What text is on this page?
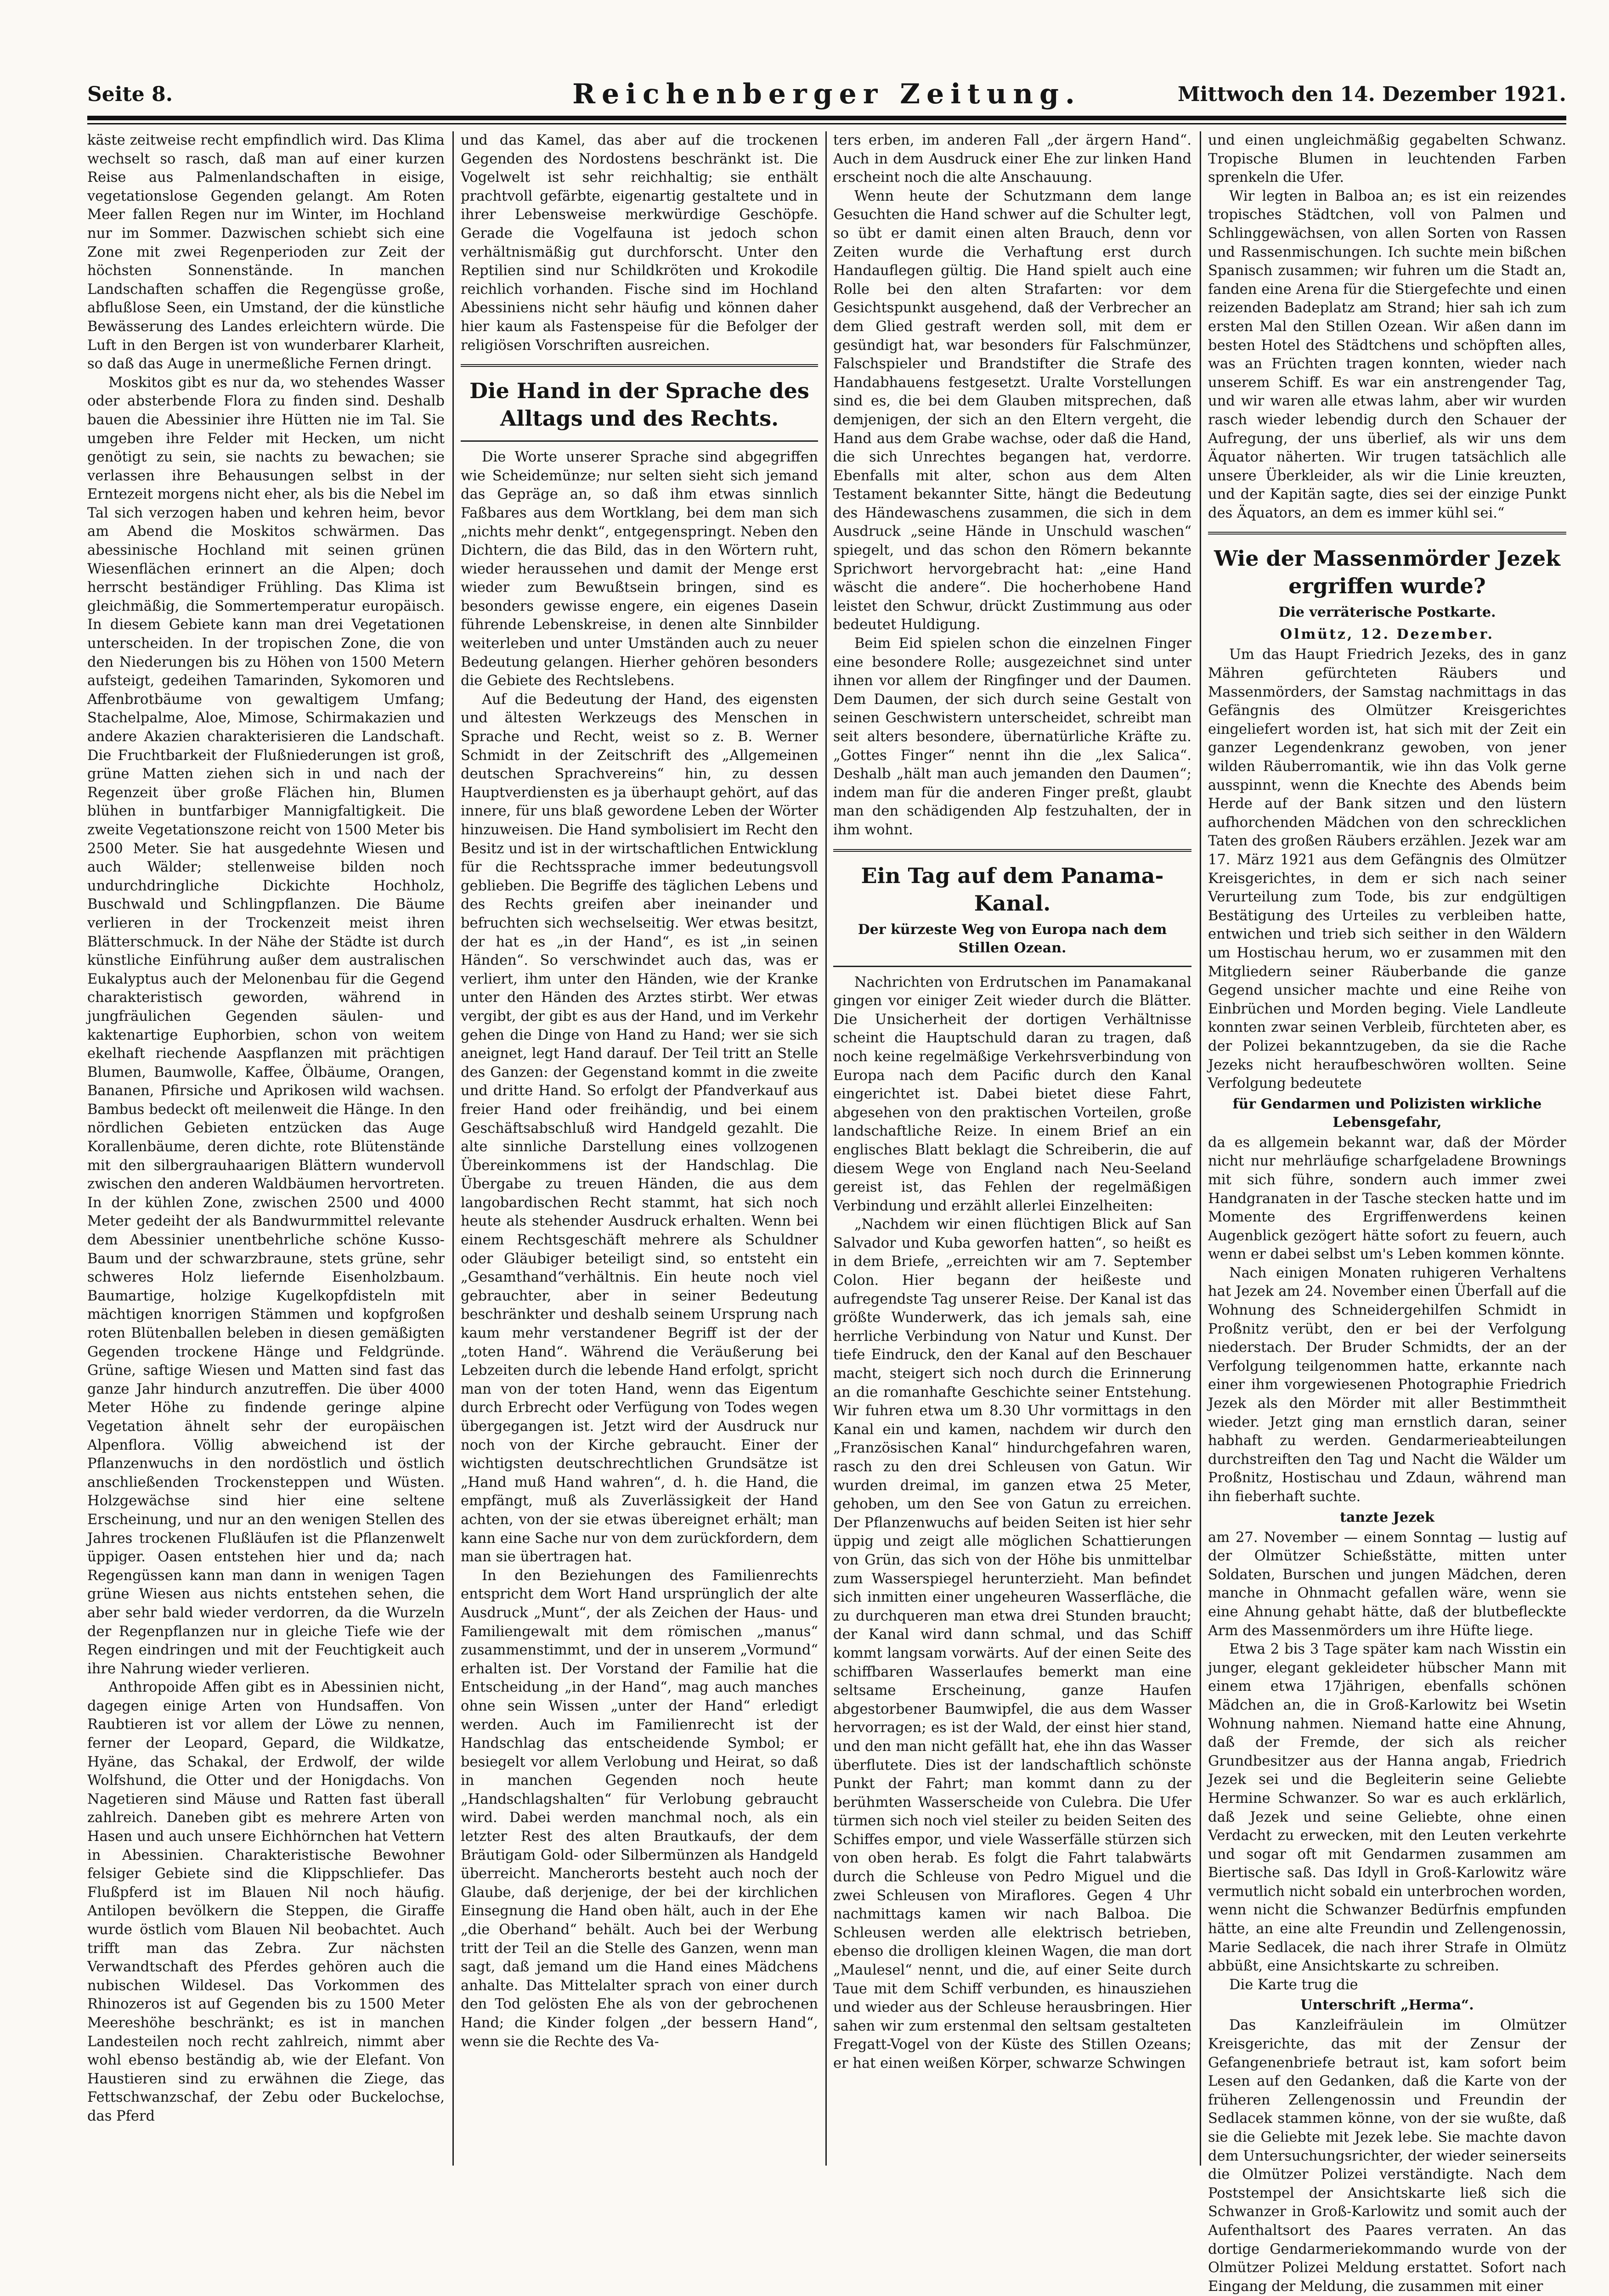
Seite 8.	Reichenberger Zeitung.	Mittwoch den 14. Dezember 1921.

käste zeitweise recht empfindlich wird. Das Klima wechselt so rasch, daß man auf einer kurzen Reise aus Palmenlandschaften in eisige, vegetationslose Gegenden gelangt. Am Roten Meer fallen Regen nur im Winter, im Hochland nur im Sommer. Dazwischen schiebt sich eine Zone mit zwei Regenperioden zur Zeit der höchsten Sonnenstände. In manchen Landschaften schaffen die Regengüsse große, abflußlose Seen, ein Umstand, der die künstliche Bewässerung des Landes erleichtern würde. Die Luft in den Bergen ist von wunderbarer Klarheit, so daß das Auge in unermeßliche Fernen dringt.

Moskitos gibt es nur da, wo stehendes Wasser oder absterbende Flora zu finden sind. Deshalb bauen die Abessinier ihre Hütten nie im Tal. Sie umgeben ihre Felder mit Hecken, um nicht genötigt zu sein, sie nachts zu bewachen; sie verlassen ihre Behausungen selbst in der Erntezeit morgens nicht eher, als bis die Nebel im Tal sich verzogen haben und kehren heim, bevor am Abend die Moskitos schwärmen. Das abessinische Hochland mit seinen grünen Wiesenflächen erinnert an die Alpen; doch herrscht beständiger Frühling. Das Klima ist gleichmäßig, die Sommertemperatur europäisch. In diesem Gebiete kann man drei Vegetationen unterscheiden. In der tropischen Zone, die von den Niederungen bis zu Höhen von 1500 Metern aufsteigt, gedeihen Tamarinden, Sykomoren und Affenbrotbäume von gewaltigem Umfang; Stachelpalme, Aloe, Mimose, Schirmakazien und andere Akazien charakterisieren die Landschaft. Die Fruchtbarkeit der Flußniederungen ist groß, grüne Matten ziehen sich in und nach der Regenzeit über große Flächen hin, Blumen blühen in buntfarbiger Mannigfaltigkeit. Die zweite Vegetationszone reicht von 1500 Meter bis 2500 Meter. Sie hat ausgedehnte Wiesen und auch Wälder; stellenweise bilden noch undurchdringliche Dickichte Hochholz, Buschwald und Schlingpflanzen. Die Bäume verlieren in der Trockenzeit meist ihren Blätterschmuck. In der Nähe der Städte ist durch künstliche Einführung außer dem australischen Eukalyptus auch der Melonenbau für die Gegend charakteristisch geworden, während in jungfräulichen Gegenden säulen- und kaktenartige Euphorbien, schon von weitem ekelhaft riechende Aaspflanzen mit prächtigen Blumen, Baumwolle, Kaffee, Ölbäume, Orangen, Bananen, Pfirsiche und Aprikosen wild wachsen. Bambus bedeckt oft meilenweit die Hänge. In den nördlichen Gebieten entzücken das Auge Korallenbäume, deren dichte, rote Blütenstände mit den silbergrauhaarigen Blättern wundervoll zwischen den anderen Waldbäumen hervortreten. In der kühlen Zone, zwischen 2500 und 4000 Meter gedeiht der als Bandwurmmittel relevante dem Abessinier unentbehrliche schöne Kusso-Baum und der schwarzbraune, stets grüne, sehr schweres Holz liefernde Eisenholzbaum. Baumartige, holzige Kugelkopfdisteln mit mächtigen knorrigen Stämmen und kopfgroßen roten Blütenballen beleben in diesen gemäßigten Gegenden trockene Hänge und Feldgründe. Grüne, saftige Wiesen und Matten sind fast das ganze Jahr hindurch anzutreffen. Die über 4000 Meter Höhe zu findende geringe alpine Vegetation ähnelt sehr der europäischen Alpenflora. Völlig abweichend ist der Pflanzenwuchs in den nordöstlich und östlich anschließenden Trockensteppen und Wüsten. Holzgewächse sind hier eine seltene Erscheinung, und nur an den wenigen Stellen des Jahres trockenen Flußläufen ist die Pflanzenwelt üppiger. Oasen entstehen hier und da; nach Regengüssen kann man dann in wenigen Tagen grüne Wiesen aus nichts entstehen sehen, die aber sehr bald wieder verdorren, da die Wurzeln der Regenpflanzen nur in gleiche Tiefe wie der Regen eindringen und mit der Feuchtigkeit auch ihre Nahrung wieder verlieren.

Anthropoide Affen gibt es in Abessinien nicht, dagegen einige Arten von Hundsaffen. Von Raubtieren ist vor allem der Löwe zu nennen, ferner der Leopard, Gepard, die Wildkatze, Hyäne, das Schakal, der Erdwolf, der wilde Wolfshund, die Otter und der Honigdachs. Von Nagetieren sind Mäuse und Ratten fast überall zahlreich. Daneben gibt es mehrere Arten von Hasen und auch unsere Eichhörnchen hat Vettern in Abessinien. Charakteristische Bewohner felsiger Gebiete sind die Klippschliefer. Das Flußpferd ist im Blauen Nil noch häufig. Antilopen bevölkern die Steppen, die Giraffe wurde östlich vom Blauen Nil beobachtet. Auch trifft man das Zebra. Zur nächsten Verwandtschaft des Pferdes gehören auch die nubischen Wildesel. Das Vorkommen des Rhinozeros ist auf Gegenden bis zu 1500 Meter Meereshöhe beschränkt; es ist in manchen Landesteilen noch recht zahlreich, nimmt aber wohl ebenso beständig ab, wie der Elefant. Von Haustieren sind zu erwähnen die Ziege, das Fettschwanzschaf, der Zebu oder Buckelochse, das Pferd

und das Kamel, das aber auf die trockenen Gegenden des Nordostens beschränkt ist. Die Vogelwelt ist sehr reichhaltig; sie enthält prachtvoll gefärbte, eigenartig gestaltete und in ihrer Lebensweise merkwürdige Geschöpfe. Gerade die Vogelfauna ist jedoch schon verhältnismäßig gut durchforscht. Unter den Reptilien sind nur Schildkröten und Krokodile reichlich vorhanden. Fische sind im Hochland Abessiniens nicht sehr häufig und können daher hier kaum als Fastenspeise für die Befolger der religiösen Vorschriften ausreichen.

Die Hand in der Sprache des Alltags und des Rechts.

Die Worte unserer Sprache sind abgegriffen wie Scheidemünze; nur selten sieht sich jemand das Gepräge an, so daß ihm etwas sinnlich Faßbares aus dem Wortklang, bei dem man sich „nichts mehr denkt“, entgegenspringt. Neben den Dichtern, die das Bild, das in den Wörtern ruht, wieder heraussehen und damit der Menge erst wieder zum Bewußtsein bringen, sind es besonders gewisse engere, ein eigenes Dasein führende Lebenskreise, in denen alte Sinnbilder weiterleben und unter Umständen auch zu neuer Bedeutung gelangen. Hierher gehören besonders die Gebiete des Rechtslebens.

Auf die Bedeutung der Hand, des eigensten und ältesten Werkzeugs des Menschen in Sprache und Recht, weist so z. B. Werner Schmidt in der Zeitschrift des „Allgemeinen deutschen Sprachvereins“ hin, zu dessen Hauptverdiensten es ja überhaupt gehört, auf das innere, für uns blaß gewordene Leben der Wörter hinzuweisen. Die Hand symbolisiert im Recht den Besitz und ist in der wirtschaftlichen Entwicklung für die Rechtssprache immer bedeutungsvoll geblieben. Die Begriffe des täglichen Lebens und des Rechts greifen aber ineinander und befruchten sich wechselseitig. Wer etwas besitzt, der hat es „in der Hand“, es ist „in seinen Händen“. So verschwindet auch das, was er verliert, ihm unter den Händen, wie der Kranke unter den Händen des Arztes stirbt. Wer etwas vergibt, der gibt es aus der Hand, und im Verkehr gehen die Dinge von Hand zu Hand; wer sie sich aneignet, legt Hand darauf. Der Teil tritt an Stelle des Ganzen: der Gegenstand kommt in die zweite und dritte Hand. So erfolgt der Pfandverkauf aus freier Hand oder freihändig, und bei einem Geschäftsabschluß wird Handgeld gezahlt. Die alte sinnliche Darstellung eines vollzogenen Übereinkommens ist der Handschlag. Die Übergabe zu treuen Händen, die aus dem langobardischen Recht stammt, hat sich noch heute als stehender Ausdruck erhalten. Wenn bei einem Rechtsgeschäft mehrere als Schuldner oder Gläubiger beteiligt sind, so entsteht ein „Gesamthand“verhältnis. Ein heute noch viel gebrauchter, aber in seiner Bedeutung beschränkter und deshalb seinem Ursprung nach kaum mehr verstandener Begriff ist der der „toten Hand“. Während die Veräußerung bei Lebzeiten durch die lebende Hand erfolgt, spricht man von der toten Hand, wenn das Eigentum durch Erbrecht oder Verfügung von Todes wegen übergegangen ist. Jetzt wird der Ausdruck nur noch von der Kirche gebraucht. Einer der wichtigsten deutschrechtlichen Grundsätze ist „Hand muß Hand wahren“, d. h. die Hand, die empfängt, muß als Zuverlässigkeit der Hand achten, von der sie etwas übereignet erhält; man kann eine Sache nur von dem zurückfordern, dem man sie übertragen hat.

In den Beziehungen des Familienrechts entspricht dem Wort Hand ursprünglich der alte Ausdruck „Munt“, der als Zeichen der Haus- und Familiengewalt mit dem römischen „manus“ zusammenstimmt, und der in unserem „Vormund“ erhalten ist. Der Vorstand der Familie hat die Entscheidung „in der Hand“, mag auch manches ohne sein Wissen „unter der Hand“ erledigt werden. Auch im Familienrecht ist der Handschlag das entscheidende Symbol; er besiegelt vor allem Verlobung und Heirat, so daß in manchen Gegenden noch heute „Handschlagshalten“ für Verlobung gebraucht wird. Dabei werden manchmal noch, als ein letzter Rest des alten Brautkaufs, der dem Bräutigam Gold- oder Silbermünzen als Handgeld überreicht. Mancherorts besteht auch noch der Glaube, daß derjenige, der bei der kirchlichen Einsegnung die Hand oben hält, auch in der Ehe „die Oberhand“ behält. Auch bei der Werbung tritt der Teil an die Stelle des Ganzen, wenn man sagt, daß jemand um die Hand eines Mädchens anhalte. Das Mittelalter sprach von einer durch den Tod gelösten Ehe als von der gebrochenen Hand; die Kinder folgen „der bessern Hand“, wenn sie die Rechte des Va-

ters erben, im anderen Fall „der ärgern Hand“. Auch in dem Ausdruck einer Ehe zur linken Hand erscheint noch die alte Anschauung.

Wenn heute der Schutzmann dem lange Gesuchten die Hand schwer auf die Schulter legt, so übt er damit einen alten Brauch, denn vor Zeiten wurde die Verhaftung erst durch Handauflegen gültig. Die Hand spielt auch eine Rolle bei den alten Strafarten: vor dem Gesichtspunkt ausgehend, daß der Verbrecher an dem Glied gestraft werden soll, mit dem er gesündigt hat, war besonders für Falschmünzer, Falschspieler und Brandstifter die Strafe des Handabhauens festgesetzt. Uralte Vorstellungen sind es, die bei dem Glauben mitsprechen, daß demjenigen, der sich an den Eltern vergeht, die Hand aus dem Grabe wachse, oder daß die Hand, die sich Unrechtes begangen hat, verdorre. Ebenfalls mit alter, schon aus dem Alten Testament bekannter Sitte, hängt die Bedeutung des Händewaschens zusammen, die sich in dem Ausdruck „seine Hände in Unschuld waschen“ spiegelt, und das schon den Römern bekannte Sprichwort hervorgebracht hat: „eine Hand wäscht die andere“. Die hocherhobene Hand leistet den Schwur, drückt Zustimmung aus oder bedeutet Huldigung.

Beim Eid spielen schon die einzelnen Finger eine besondere Rolle; ausgezeichnet sind unter ihnen vor allem der Ringfinger und der Daumen. Dem Daumen, der sich durch seine Gestalt von seinen Geschwistern unterscheidet, schreibt man seit alters besondere, übernatürliche Kräfte zu. „Gottes Finger“ nennt ihn die „lex Salica“. Deshalb „hält man auch jemanden den Daumen“; indem man für die anderen Finger preßt, glaubt man den schädigenden Alp festzuhalten, der in ihm wohnt.

Ein Tag auf dem Panama-Kanal.
Der kürzeste Weg von Europa nach dem Stillen Ozean.

Nachrichten von Erdrutschen im Panamakanal gingen vor einiger Zeit wieder durch die Blätter. Die Unsicherheit der dortigen Verhältnisse scheint die Hauptschuld daran zu tragen, daß noch keine regelmäßige Verkehrsverbindung von Europa nach dem Pacific durch den Kanal eingerichtet ist. Dabei bietet diese Fahrt, abgesehen von den praktischen Vorteilen, große landschaftliche Reize. In einem Brief an ein englisches Blatt beklagt die Schreiberin, die auf diesem Wege von England nach Neu-Seeland gereist ist, das Fehlen der regelmäßigen Verbindung und erzählt allerlei Einzelheiten:

„Nachdem wir einen flüchtigen Blick auf San Salvador und Kuba geworfen hatten“, so heißt es in dem Briefe, „erreichten wir am 7. September Colon. Hier begann der heißeste und aufregendste Tag unserer Reise. Der Kanal ist das größte Wunderwerk, das ich jemals sah, eine herrliche Verbindung von Natur und Kunst. Der tiefe Eindruck, den der Kanal auf den Beschauer macht, steigert sich noch durch die Erinnerung an die romanhafte Geschichte seiner Entstehung. Wir fuhren etwa um 8.30 Uhr vormittags in den Kanal ein und kamen, nachdem wir durch den „Französischen Kanal“ hindurchgefahren waren, rasch zu den drei Schleusen von Gatun. Wir wurden dreimal, im ganzen etwa 25 Meter, gehoben, um den See von Gatun zu erreichen. Der Pflanzenwuchs auf beiden Seiten ist hier sehr üppig und zeigt alle möglichen Schattierungen von Grün, das sich von der Höhe bis unmittelbar zum Wasserspiegel herunterzieht. Man befindet sich inmitten einer ungeheuren Wasserfläche, die zu durchqueren man etwa drei Stunden braucht; der Kanal wird dann schmal, und das Schiff kommt langsam vorwärts. Auf der einen Seite des schiffbaren Wasserlaufes bemerkt man eine seltsame Erscheinung, ganze Haufen abgestorbener Baumwipfel, die aus dem Wasser hervorragen; es ist der Wald, der einst hier stand, und den man nicht gefällt hat, ehe ihn das Wasser überflutete. Dies ist der landschaftlich schönste Punkt der Fahrt; man kommt dann zu der berühmten Wasserscheide von Culebra. Die Ufer türmen sich noch viel steiler zu beiden Seiten des Schiffes empor, und viele Wasserfälle stürzen sich von oben herab. Es folgt die Fahrt talabwärts durch die Schleuse von Pedro Miguel und die zwei Schleusen von Miraflores. Gegen 4 Uhr nachmittags kamen wir nach Balboa. Die Schleusen werden alle elektrisch betrieben, ebenso die drolligen kleinen Wagen, die man dort „Maulesel“ nennt, und die, auf einer Seite durch Taue mit dem Schiff verbunden, es hinausziehen und wieder aus der Schleuse herausbringen. Hier sahen wir zum erstenmal den seltsam gestalteten Fregatt-Vogel von der Küste des Stillen Ozeans; er hat einen weißen Körper, schwarze Schwingen

und einen ungleichmäßig gegabelten Schwanz. Tropische Blumen in leuchtenden Farben sprenkeln die Ufer.

Wir legten in Balboa an; es ist ein reizendes tropisches Städtchen, voll von Palmen und Schlinggewächsen, von allen Sorten von Rassen und Rassenmischungen. Ich suchte mein bißchen Spanisch zusammen; wir fuhren um die Stadt an, fanden eine Arena für die Stiergefechte und einen reizenden Badeplatz am Strand; hier sah ich zum ersten Mal den Stillen Ozean. Wir aßen dann im besten Hotel des Städtchens und schöpften alles, was an Früchten tragen konnten, wieder nach unserem Schiff. Es war ein anstrengender Tag, und wir waren alle etwas lahm, aber wir wurden rasch wieder lebendig durch den Schauer der Aufregung, der uns überlief, als wir uns dem Äquator näherten. Wir trugen tatsächlich alle unsere Überkleider, als wir die Linie kreuzten, und der Kapitän sagte, dies sei der einzige Punkt des Äquators, an dem es immer kühl sei.“

Wie der Massenmörder Jezek ergriffen wurde?
Die verräterische Postkarte.
Olmütz, 12. Dezember.

Um das Haupt Friedrich Jezeks, des in ganz Mähren gefürchteten Räubers und Massenmörders, der Samstag nachmittags in das Gefängnis des Olmützer Kreisgerichtes eingeliefert worden ist, hat sich mit der Zeit ein ganzer Legendenkranz gewoben, von jener wilden Räuberromantik, wie ihn das Volk gerne ausspinnt, wenn die Knechte des Abends beim Herde auf der Bank sitzen und den lüstern aufhorchenden Mädchen von den schrecklichen Taten des großen Räubers erzählen. Jezek war am 17. März 1921 aus dem Gefängnis des Olmützer Kreisgerichtes, in dem er sich nach seiner Verurteilung zum Tode, bis zur endgültigen Bestätigung des Urteiles zu verbleiben hatte, entwichen und trieb sich seither in den Wäldern um Hostischau herum, wo er zusammen mit den Mitgliedern seiner Räuberbande die ganze Gegend unsicher machte und eine Reihe von Einbrüchen und Morden beging. Viele Landleute konnten zwar seinen Verbleib, fürchteten aber, es der Polizei bekanntzugeben, da sie die Rache Jezeks nicht heraufbeschwören wollten. Seine Verfolgung bedeutete

für Gendarmen und Polizisten wirkliche Lebensgefahr,

da es allgemein bekannt war, daß der Mörder nicht nur mehrläufige scharfgeladene Brownings mit sich führe, sondern auch immer zwei Handgranaten in der Tasche stecken hatte und im Momente des Ergriffenwerdens keinen Augenblick gezögert hätte sofort zu feuern, auch wenn er dabei selbst um's Leben kommen könnte.

Nach einigen Monaten ruhigeren Verhaltens hat Jezek am 24. November einen Überfall auf die Wohnung des Schneidergehilfen Schmidt in Proßnitz verübt, den er bei der Verfolgung niederstach. Der Bruder Schmidts, der an der Verfolgung teilgenommen hatte, erkannte nach einer ihm vorgewiesenen Photographie Friedrich Jezek als den Mörder mit aller Bestimmtheit wieder. Jetzt ging man ernstlich daran, seiner habhaft zu werden. Gendarmerieabteilungen durchstreiften den Tag und Nacht die Wälder um Proßnitz, Hostischau und Zdaun, während man ihn fieberhaft suchte.

tanzte Jezek

am 27. November — einem Sonntag — lustig auf der Olmützer Schießstätte, mitten unter Soldaten, Burschen und jungen Mädchen, deren manche in Ohnmacht gefallen wäre, wenn sie eine Ahnung gehabt hätte, daß der blutbefleckte Arm des Massenmörders um ihre Hüfte liege.

Etwa 2 bis 3 Tage später kam nach Wisstin ein junger, elegant gekleideter hübscher Mann mit einem etwa 17jährigen, ebenfalls schönen Mädchen an, die in Groß-Karlowitz bei Wsetin Wohnung nahmen. Niemand hatte eine Ahnung, daß der Fremde, der sich als reicher Grundbesitzer aus der Hanna angab, Friedrich Jezek sei und die Begleiterin seine Geliebte Hermine Schwanzer. So war es auch erklärlich, daß Jezek und seine Geliebte, ohne einen Verdacht zu erwecken, mit den Leuten verkehrte und sogar oft mit Gendarmen zusammen am Biertische saß. Das Idyll in Groß-Karlowitz wäre vermutlich nicht sobald ein unterbrochen worden, wenn nicht die Schwanzer Bedürfnis empfunden hätte, an eine alte Freundin und Zellengenossin, Marie Sedlacek, die nach ihrer Strafe in Olmütz abbüßt, eine Ansichtskarte zu schreiben.

Die Karte trug die

Unterschrift „Herma“.

Das Kanzleifräulein im Olmützer Kreisgerichte, das mit der Zensur der Gefangenenbriefe betraut ist, kam sofort beim Lesen auf den Gedanken, daß die Karte von der früheren Zellengenossin und Freundin der Sedlacek stammen könne, von der sie wußte, daß sie die Geliebte mit Jezek lebe. Sie machte davon dem Untersuchungsrichter, der wieder seinerseits die Olmützer Polizei verständigte. Nach dem Poststempel der Ansichtskarte ließ sich die Schwanzer in Groß-Karlowitz und somit auch der Aufenthaltsort des Paares verraten. An das dortige Gendarmeriekommando wurde von der Olmützer Polizei Meldung erstattet. Sofort nach Eingang der Meldung, die zusammen mit einer
